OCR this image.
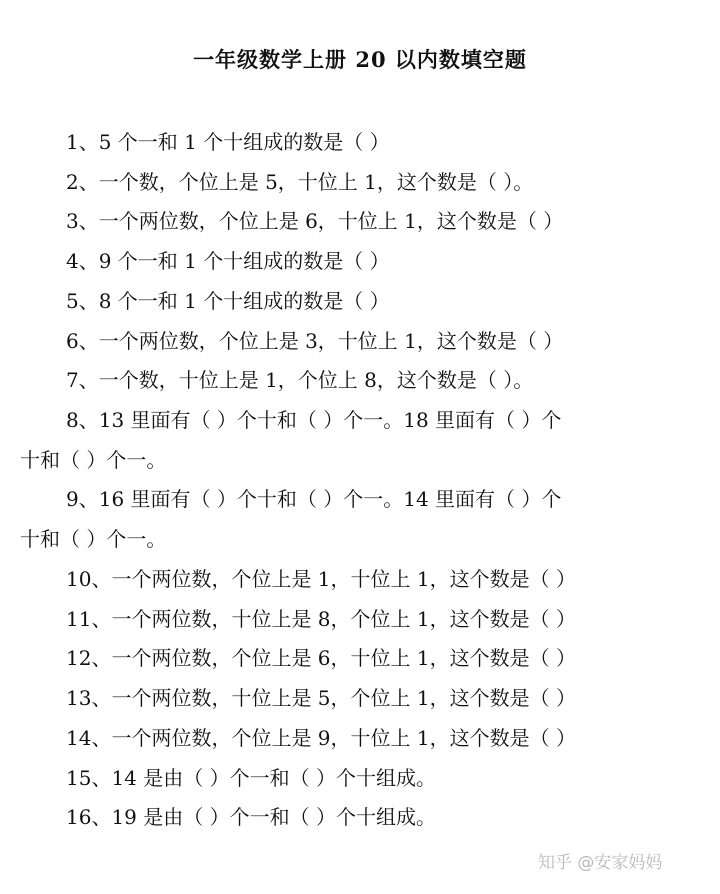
一年级数学上册 20 以内数填空题
1、5 个一和 1 个十组成的数是（ ）
2、一个数，个位上是 5，十位上 1，这个数是（ ）。
3、一个两位数，个位上是 6，十位上 1，这个数是（ ）
4、9 个一和 1 个十组成的数是（ ）
5、8 个一和 1 个十组成的数是（ ）
6、一个两位数，个位上是 3，十位上 1，这个数是（ ）
7、一个数，十位上是 1，个位上 8，这个数是（ ）。
8、13 里面有（ ）个十和（ ）个一。18 里面有（ ）个
十和（ ）个一。
9、16 里面有（ ）个十和（ ）个一。14 里面有（ ）个
十和（ ）个一。
10、一个两位数，个位上是 1，十位上 1，这个数是（ ）
11、一个两位数，十位上是 8，个位上 1，这个数是（ ）
12、一个两位数，个位上是 6，十位上 1，这个数是（ ）
13、一个两位数，十位上是 5，个位上 1，这个数是（ ）
14、一个两位数，个位上是 9，十位上 1，这个数是（ ）
15、14 是由（ ）个一和（ ）个十组成。
16、19 是由（ ）个一和（ ）个十组成。
知乎 @安家妈妈
